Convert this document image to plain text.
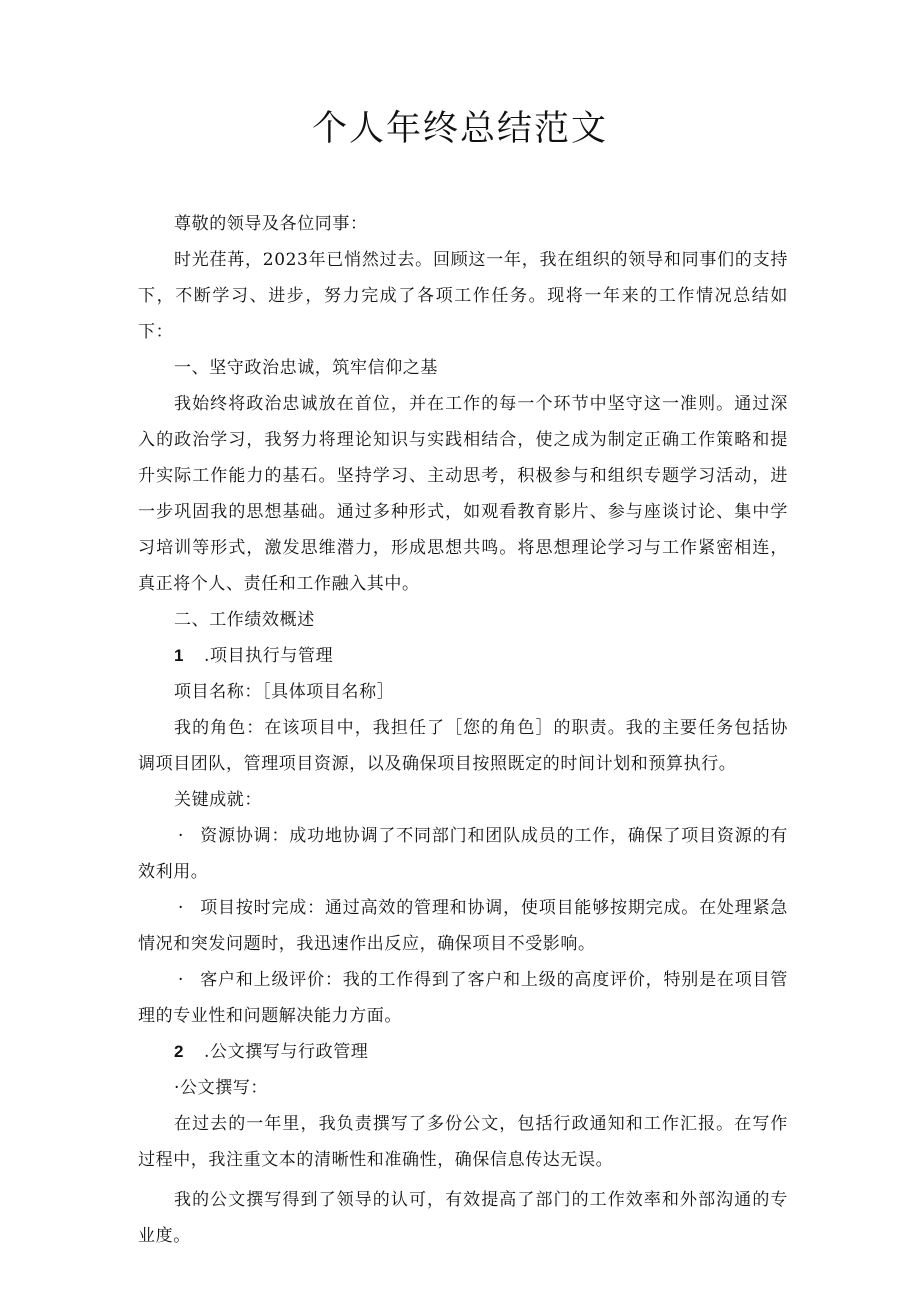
个人年终总结范文

尊敬的领导及各位同事：

时光荏苒，2023年已悄然过去。回顾这一年，我在组织的领导和同事们的支持下，不断学习、进步，努力完成了各项工作任务。现将一年来的工作情况总结如下：

一、坚守政治忠诚，筑牢信仰之基

我始终将政治忠诚放在首位，并在工作的每一个环节中坚守这一准则。通过深入的政治学习，我努力将理论知识与实践相结合，使之成为制定正确工作策略和提升实际工作能力的基石。坚持学习、主动思考，积极参与和组织专题学习活动，进一步巩固我的思想基础。通过多种形式，如观看教育影片、参与座谈讨论、集中学习培训等形式，激发思维潜力，形成思想共鸣。将思想理论学习与工作紧密相连，真正将个人、责任和工作融入其中。

二、工作绩效概述

1 .项目执行与管理

项目名称：［具体项目名称］

我的角色：在该项目中，我担任了［您的角色］的职责。我的主要任务包括协调项目团队，管理项目资源，以及确保项目按照既定的时间计划和预算执行。

关键成就：

· 资源协调：成功地协调了不同部门和团队成员的工作，确保了项目资源的有效利用。

· 项目按时完成：通过高效的管理和协调，使项目能够按期完成。在处理紧急情况和突发问题时，我迅速作出反应，确保项目不受影响。

· 客户和上级评价：我的工作得到了客户和上级的高度评价，特别是在项目管理的专业性和问题解决能力方面。

2 .公文撰写与行政管理

·公文撰写：

在过去的一年里，我负责撰写了多份公文，包括行政通知和工作汇报。在写作过程中，我注重文本的清晰性和准确性，确保信息传达无误。

我的公文撰写得到了领导的认可，有效提高了部门的工作效率和外部沟通的专业度。
